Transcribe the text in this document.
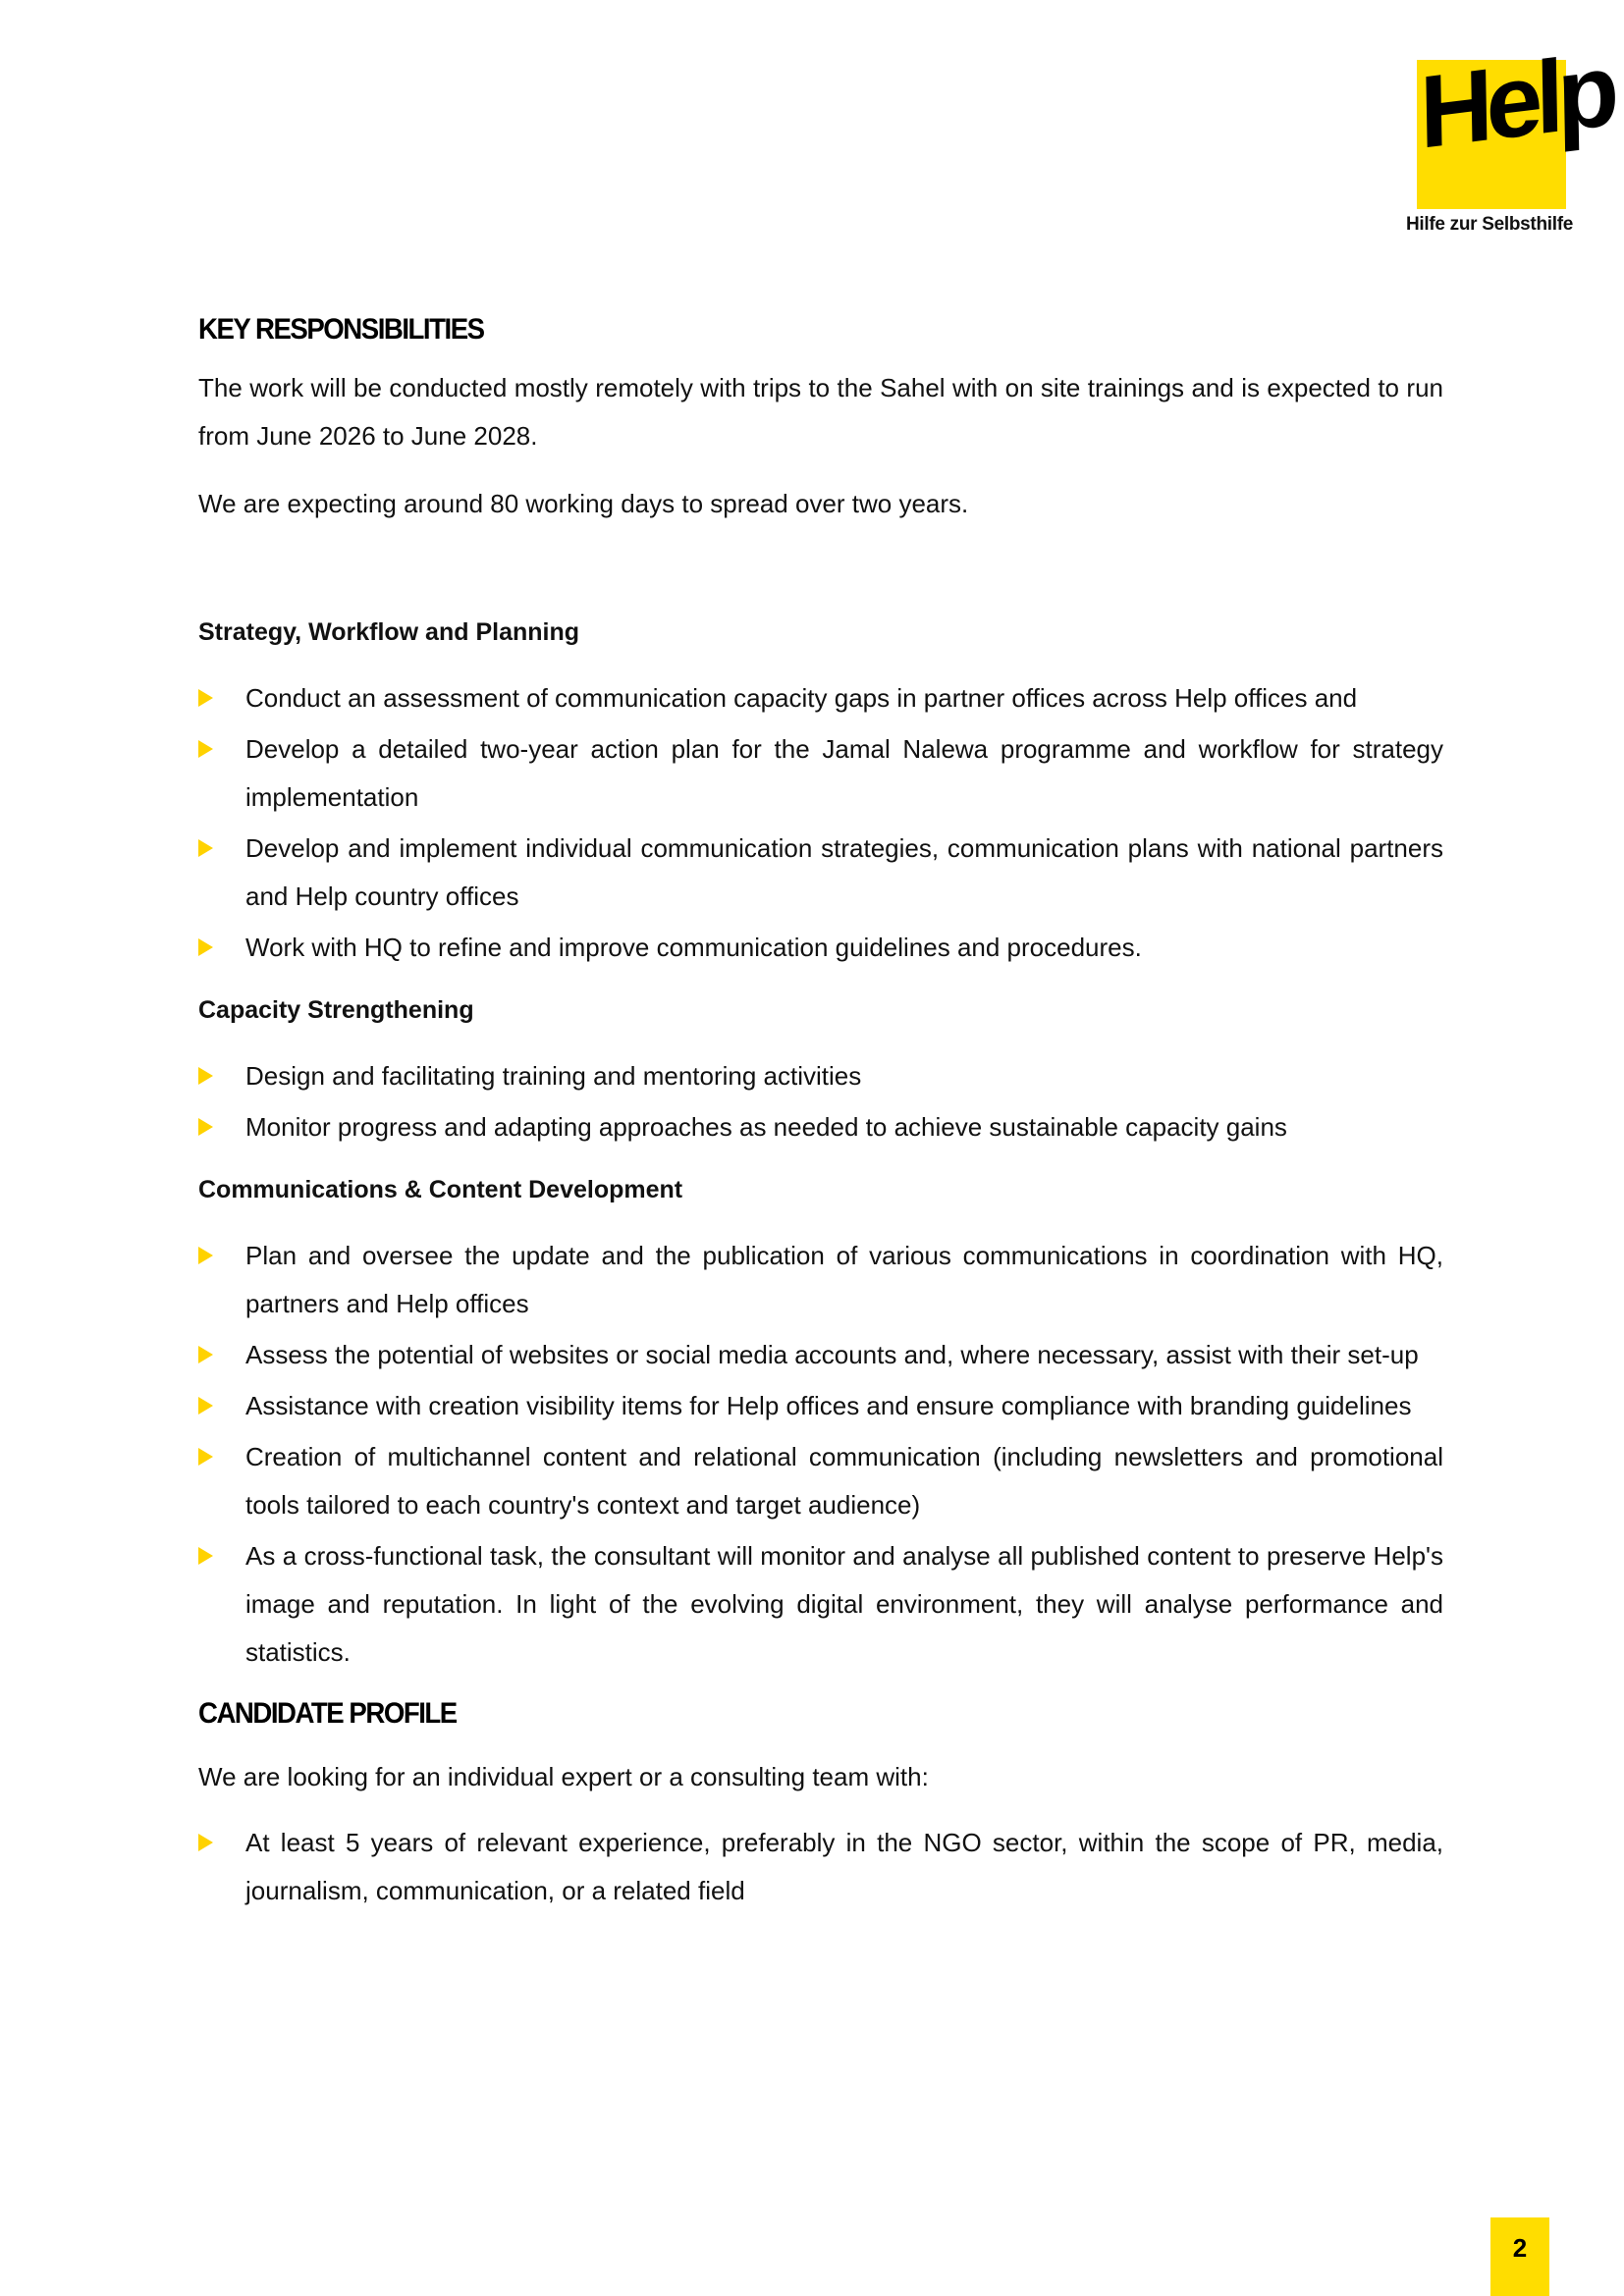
Help
Hilfe zur Selbsthilfe
KEY RESPONSIBILITIES

The work will be conducted mostly remotely with trips to the Sahel with on site trainings and is expected to run from June 2026 to June 2028.

We are expecting around 80 working days to spread over two years.

Strategy, Workflow and Planning
Conduct an assessment of communication capacity gaps in partner offices across Help offices and
Develop a detailed two-year action plan for the Jamal Nalewa programme and workflow for strategy implementation
Develop and implement individual communication strategies, communication plans with national partners and Help country offices
Work with HQ to refine and improve communication guidelines and procedures.
Capacity Strengthening
Design and facilitating training and mentoring activities
Monitor progress and adapting approaches as needed to achieve sustainable capacity gains
Communications & Content Development
Plan and oversee the update and the publication of various communications in coordination with HQ, partners and Help offices
Assess the potential of websites or social media accounts and, where necessary, assist with their set-up
Assistance with creation visibility items for Help offices and ensure compliance with branding guidelines
Creation of multichannel content and relational communication (including newsletters and promotional tools tailored to each country's context and target audience)
As a cross-functional task, the consultant will monitor and analyse all published content to preserve Help's image and reputation. In light of the evolving digital environment, they will analyse performance and statistics.
CANDIDATE PROFILE

We are looking for an individual expert or a consulting team with:

At least 5 years of relevant experience, preferably in the NGO sector, within the scope of PR, media, journalism, communication, or a related field
2
